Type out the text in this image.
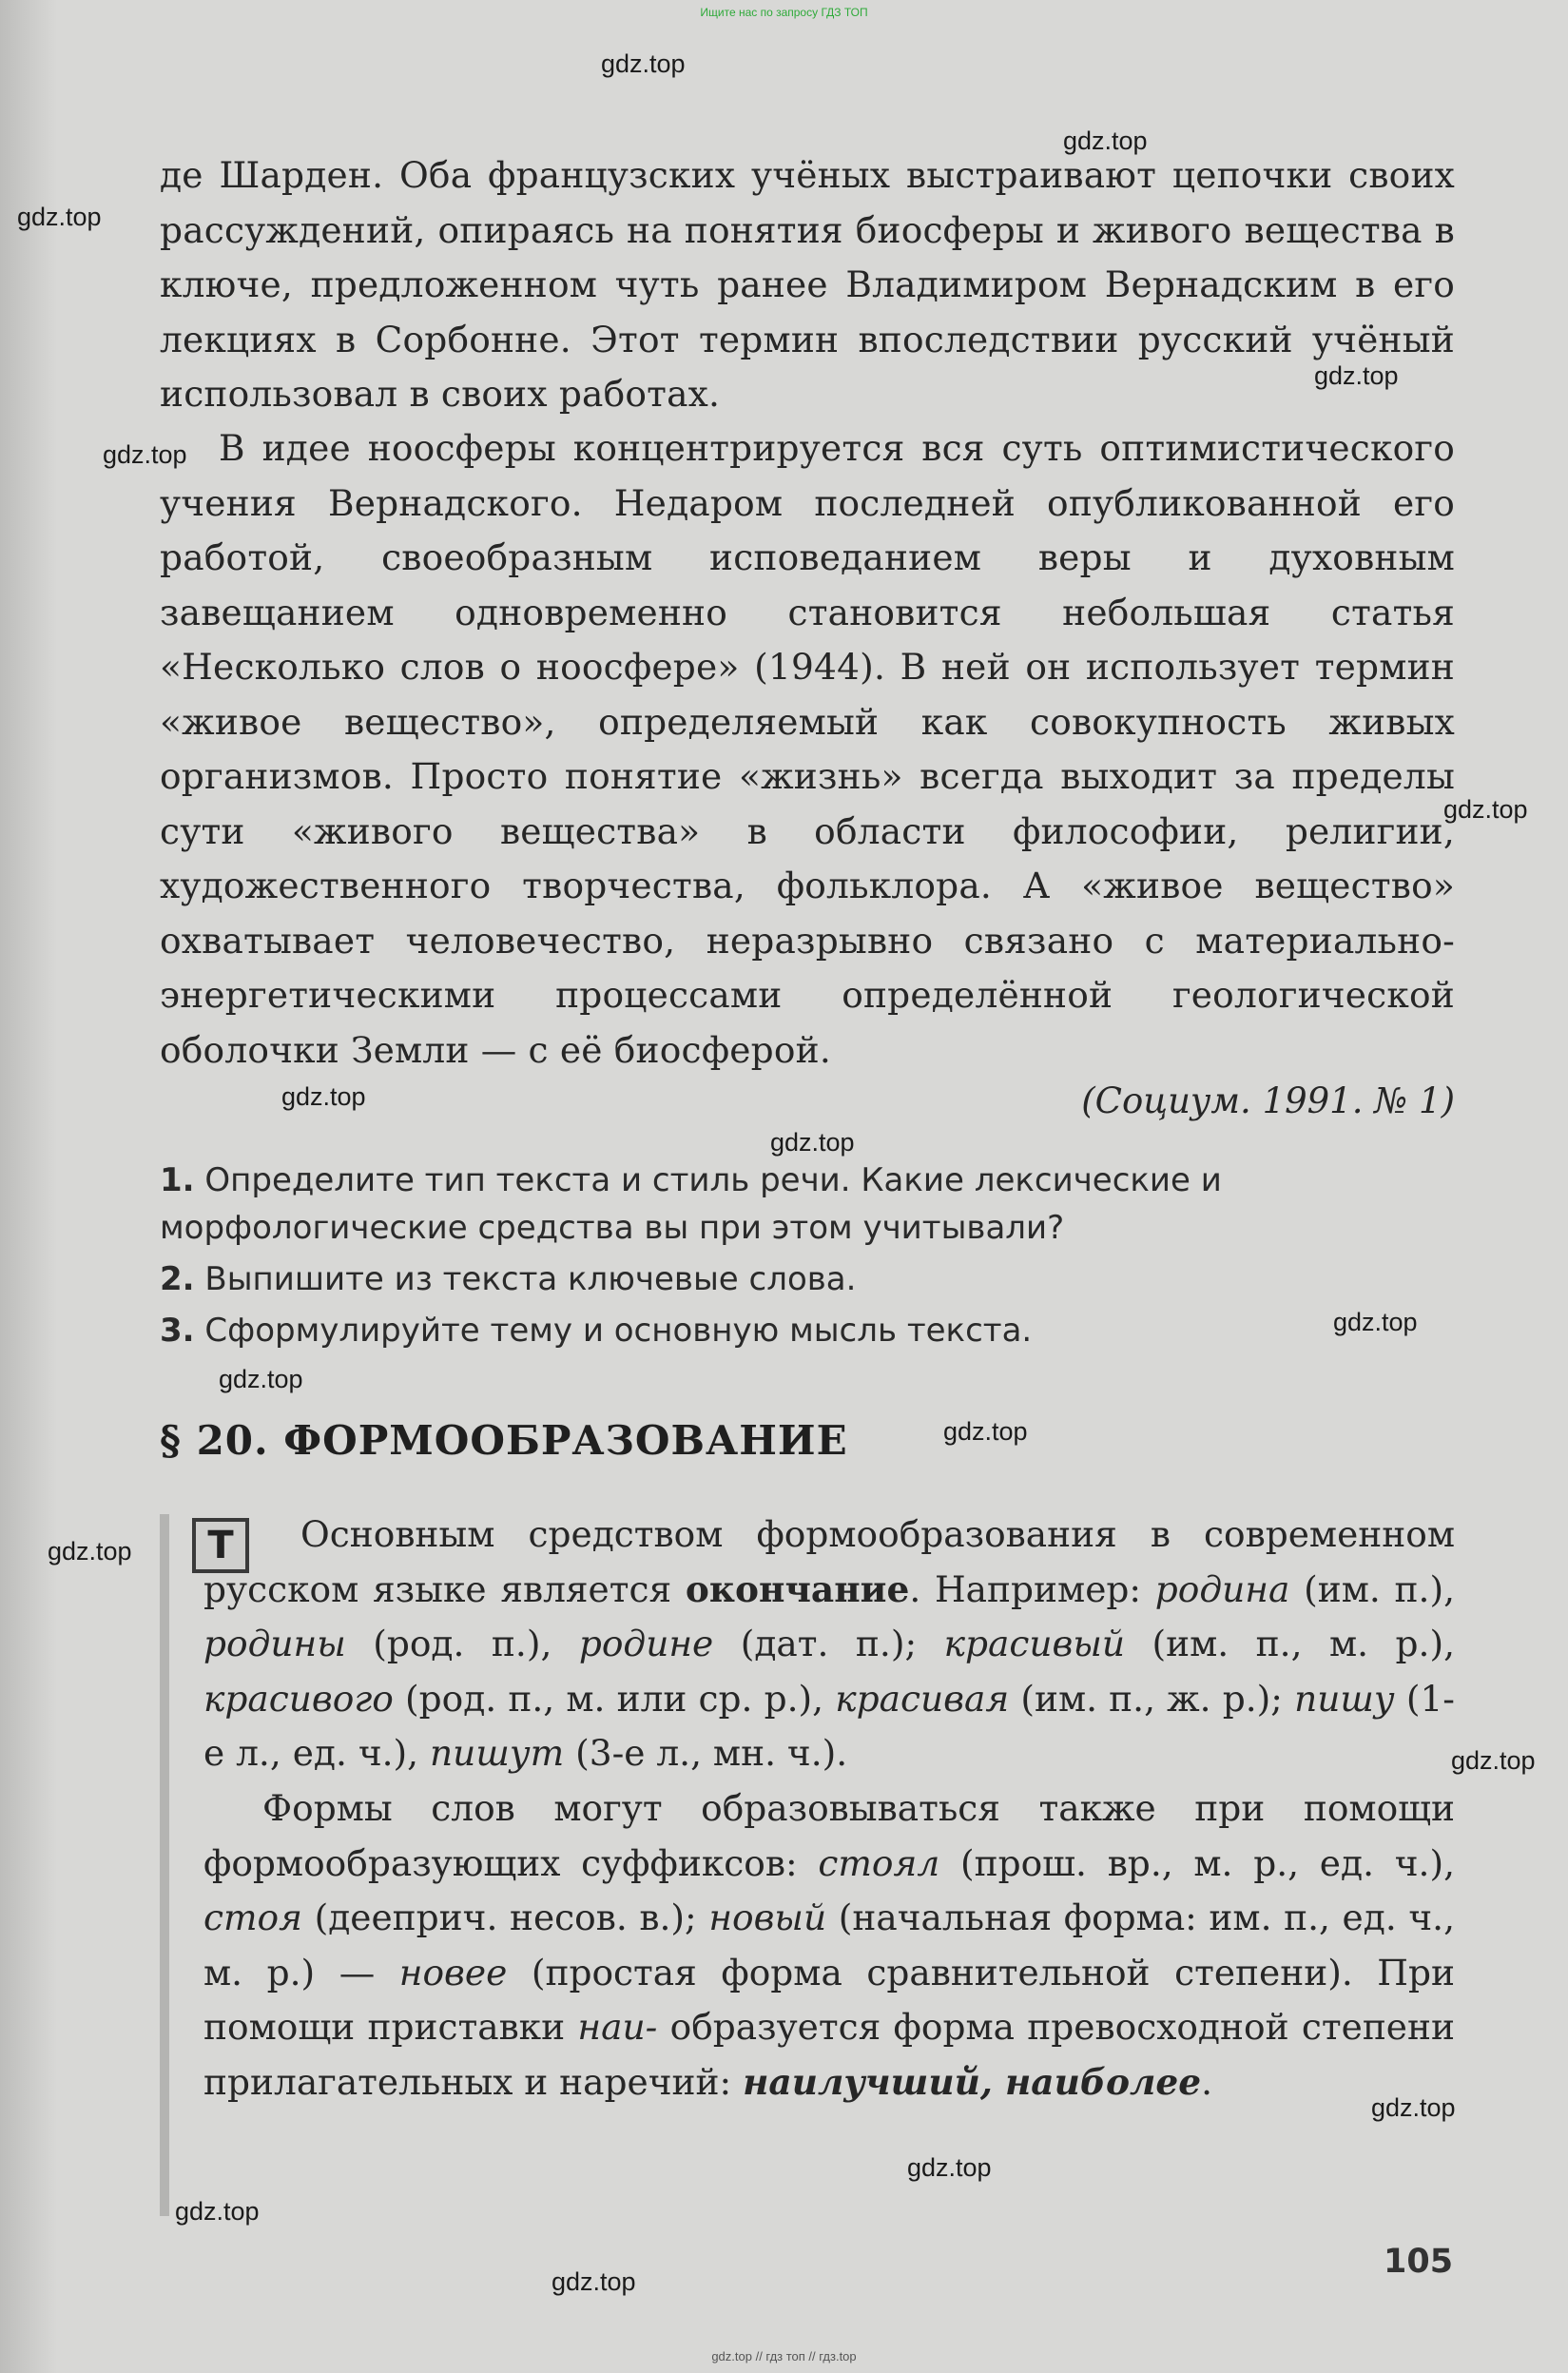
Ищите нас по запросу ГДЗ ТОП
gdz.top
gdz.top
gdz.top
gdz.top
gdz.top
gdz.top
gdz.top
gdz.top
gdz.top
gdz.top
gdz.top
gdz.top
gdz.top
gdz.top
gdz.top
gdz.top
gdz.top
де Шарден. Оба французских учёных выстраивают цепочки своих рассуждений, опираясь на понятия биосферы и живого вещества в ключе, предложенном чуть ранее Владимиром Вернадским в его лекциях в Сорбонне. Этот термин впоследствии русский учёный использовал в своих работах.
В идее ноосферы концентрируется вся суть оптимистического учения Вернадского. Недаром последней опубликованной его работой, своеобразным исповеданием веры и духовным завещанием одновременно становится небольшая статья «Несколько слов о ноосфере» (1944). В ней он использует термин «живое вещество», определяемый как совокупность живых организмов. Просто понятие «жизнь» всегда выходит за пределы сути «живого вещества» в области философии, религии, художественного творчества, фольклора. А «живое вещество» охватывает человечество, неразрывно связано с материально-энергетическими процессами определённой геологической оболочки Земли — с её биосферой.
(Социум. 1991. № 1)
1. Определите тип текста и стиль речи. Какие лексические и морфологические средства вы при этом учитывали?
2. Выпишите из текста ключевые слова.
3. Сформулируйте тему и основную мысль текста.
§ 20. ФОРМООБРАЗОВАНИЕ
Т	Основным средством формообразования в современном русском языке является окончание. Например: родина (им. п.), родины (род. п.), родине (дат. п.); красивый (им. п., м. р.), красивого (род. п., м. или ср. р.), красивая (им. п., ж. р.); пишу (1-е л., ед. ч.), пишут (3-е л., мн. ч.).
Формы слов могут образовываться также при помощи формообразующих суффиксов: стоял (прош. вр., м. р., ед. ч.), стоя (дееприч. несов. в.); новый (начальная форма: им. п., ед. ч., м. р.) — новее (простая форма сравнительной степени). При помощи приставки наи- образуется форма превосходной степени прилагательных и наречий: наилучший, наиболее.
105
gdz.top // гдз топ // гдз.top
